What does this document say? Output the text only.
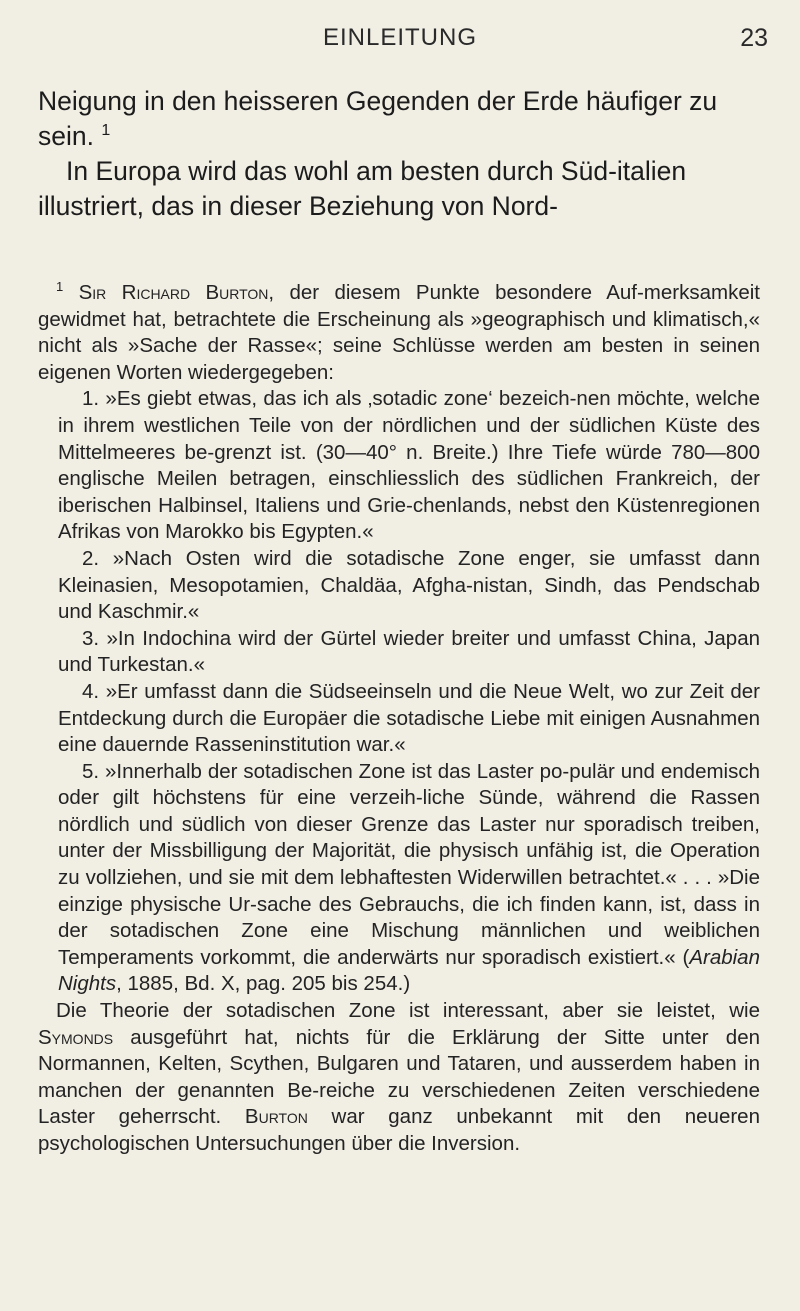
EINLEITUNG	23

Neigung in den heisseren Gegenden der Erde häufiger zu sein. $^1$

In Europa wird das wohl am besten durch Süd-italien illustriert, das in dieser Beziehung von Nord-

$^1$ Sir Richard Burton, der diesem Punkte besondere Auf-merksamkeit gewidmet hat, betrachtete die Erscheinung als »geographisch und klimatisch,« nicht als »Sache der Rasse«; seine Schlüsse werden am besten in seinen eigenen Worten wiedergegeben:

1. »Es giebt etwas, das ich als ‚sotadic zone‘ bezeich-nen möchte, welche in ihrem westlichen Teile von der nördlichen und der südlichen Küste des Mittelmeeres be-grenzt ist. (30—40° n. Breite.) Ihre Tiefe würde 780—800 englische Meilen betragen, einschliesslich des südlichen Frankreich, der iberischen Halbinsel, Italiens und Grie-chenlands, nebst den Küstenregionen Afrikas von Marokko bis Egypten.«

2. »Nach Osten wird die sotadische Zone enger, sie umfasst dann Kleinasien, Mesopotamien, Chaldäa, Afgha-nistan, Sindh, das Pendschab und Kaschmir.«

3. »In Indochina wird der Gürtel wieder breiter und umfasst China, Japan und Turkestan.«

4. »Er umfasst dann die Südseeinseln und die Neue Welt, wo zur Zeit der Entdeckung durch die Europäer die sotadische Liebe mit einigen Ausnahmen eine dauernde Rasseninstitution war.«

5. »Innerhalb der sotadischen Zone ist das Laster po-pulär und endemisch oder gilt höchstens für eine verzeih-liche Sünde, während die Rassen nördlich und südlich von dieser Grenze das Laster nur sporadisch treiben, unter der Missbilligung der Majorität, die physisch unfähig ist, die Operation zu vollziehen, und sie mit dem lebhaftesten Widerwillen betrachtet.« . . . »Die einzige physische Ur-sache des Gebrauchs, die ich finden kann, ist, dass in der sotadischen Zone eine Mischung männlichen und weiblichen Temperaments vorkommt, die anderwärts nur sporadisch existiert.« (Arabian Nights, 1885, Bd. X, pag. 205 bis 254.)

Die Theorie der sotadischen Zone ist interessant, aber sie leistet, wie Symonds ausgeführt hat, nichts für die Erklärung der Sitte unter den Normannen, Kelten, Scythen, Bulgaren und Tataren, und ausserdem haben in manchen der genannten Be-reiche zu verschiedenen Zeiten verschiedene Laster geherrscht. Burton war ganz unbekannt mit den neueren psychologischen Untersuchungen über die Inversion.
